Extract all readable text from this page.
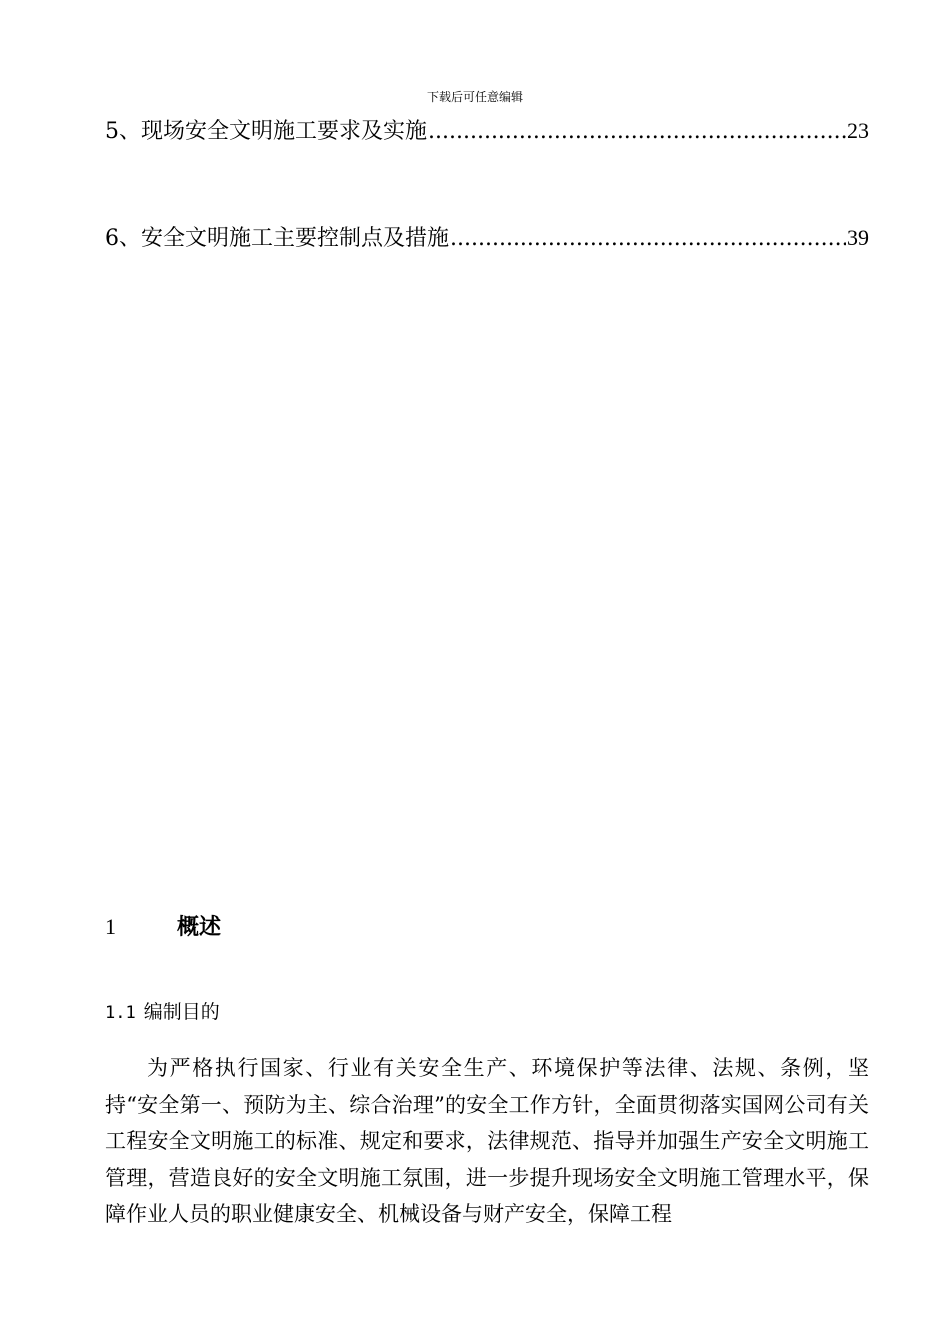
下载后可任意编辑
5、现场安全文明施工要求及实施 .....	23
6、安全文明施工主要控制点及措施 .....	39
1	概述
1.1 编制目的

为严格执行国家、行业有关安全生产、环境保护等法律、法规、条例，坚持“安全第一、预防为主、综合治理”的安全工作方针，全面贯彻落实国网公司有关工程安全文明施工的标准、规定和要求，法律规范、指导并加强生产安全文明施工管理，营造良好的安全文明施工氛围，进一步提升现场安全文明施工管理水平，保障作业人员的职业健康安全、机械设备与财产安全，保障工程
